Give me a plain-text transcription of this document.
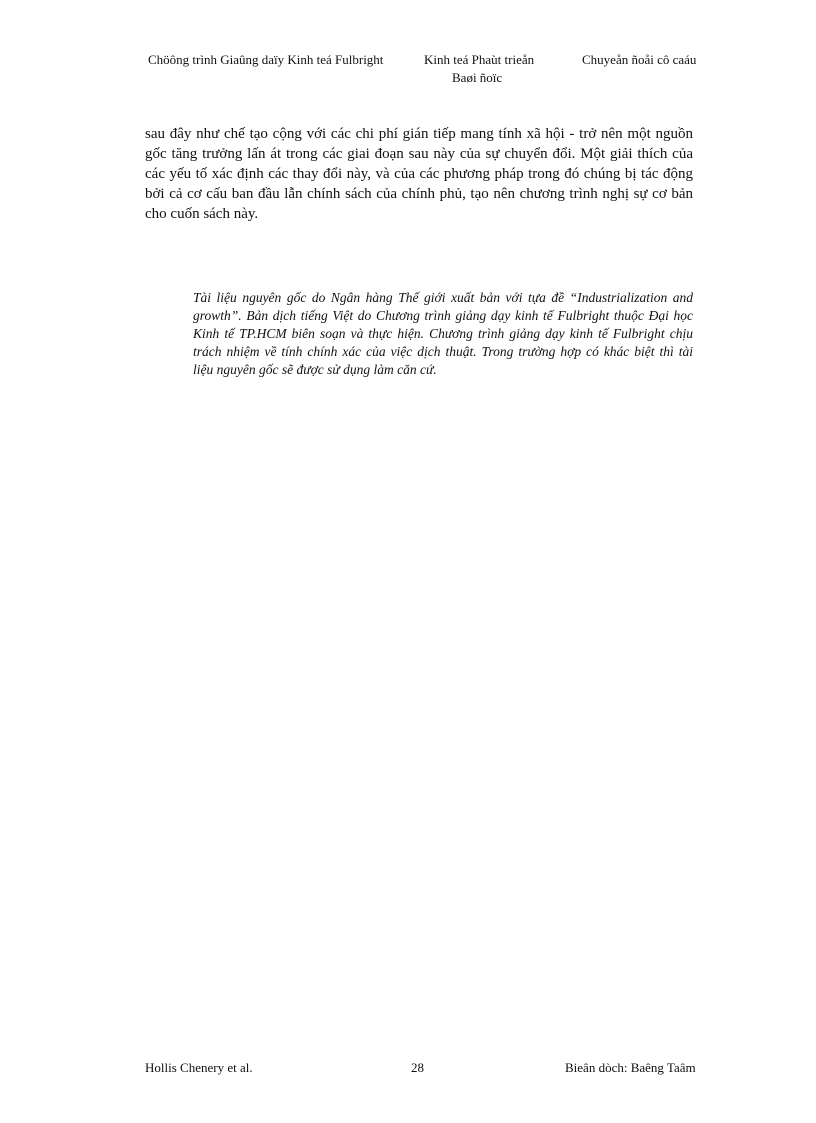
Chöông trình Giaûng daïy Kinh teá Fulbright	Kinh teá Phaùt trieån
Baøi ñoïc
Chuyeån ñoåi cô caáu
sau đây như chế tạo cộng với các chi phí gián tiếp mang tính xã hội - trở nên một nguồn
gốc tăng trưởng lấn át trong các giai đoạn sau này của sự chuyển đổi. Một giải thích của
các yếu tố xác định các thay đổi này, và của các phương pháp trong đó chúng bị tác động
bởi cả cơ cấu ban đầu lẫn chính sách của chính phủ, tạo nên chương trình nghị sự cơ bản
cho cuốn sách này.
Tài liệu nguyên gốc do Ngân hàng Thế giới xuất bản với tựa đề “Industrialization and
growth”. Bản dịch tiếng Việt do Chương trình giảng dạy kinh tế Fulbright thuộc Đại học
Kinh tế TP.HCM biên soạn và thực hiện. Chương trình giảng dạy kinh tế Fulbright chịu
trách nhiệm về tính chính xác của việc dịch thuật. Trong trường hợp có khác biệt thì tài
liệu nguyên gốc sẽ được sử dụng làm căn cứ.
Hollis Chenery et al.	28	Bieân dòch: Baêng Taâm
